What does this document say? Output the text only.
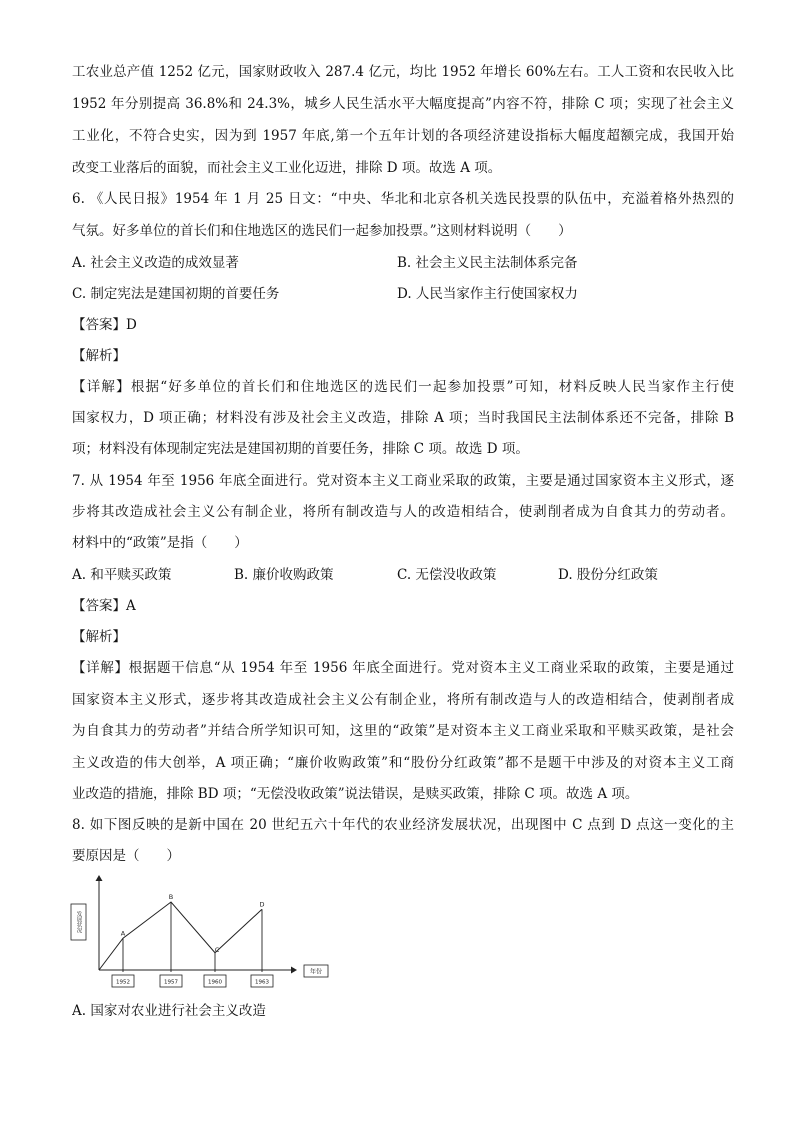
工农业总产值 1252 亿元，国家财政收入 287.4 亿元，均比 1952 年增长 60%左右。工人工资和农民收入比
1952 年分别提高 36.8%和 24.3%，城乡人民生活水平大幅度提高”内容不符，排除 C 项；实现了社会主义
工业化，不符合史实，因为到 1957 年底,第一个五年计划的各项经济建设指标大幅度超额完成，我国开始
改变工业落后的面貌，而社会主义工业化迈进，排除 D 项。故选 A 项。
6. 《人民日报》1954 年 1 月 25 日文：“中央、华北和北京各机关选民投票的队伍中，充溢着格外热烈的
气氛。好多单位的首长们和住地选区的选民们一起参加投票。”这则材料说明（　　）
A. 社会主义改造的成效显著	B. 社会主义民主法制体系完备
C. 制定宪法是建国初期的首要任务	D. 人民当家作主行使国家权力
【答案】D
【解析】
【详解】根据“好多单位的首长们和住地选区的选民们一起参加投票”可知，材料反映人民当家作主行使
国家权力，D 项正确；材料没有涉及社会主义改造，排除 A 项；当时我国民主法制体系还不完备，排除 B
项；材料没有体现制定宪法是建国初期的首要任务，排除 C 项。故选 D 项。
7. 从 1954 年至 1956 年底全面进行。党对资本主义工商业采取的政策，主要是通过国家资本主义形式，逐
步将其改造成社会主义公有制企业，将所有制改造与人的改造相结合，使剥削者成为自食其力的劳动者。
材料中的“政策”是指（　　）
A. 和平赎买政策	B. 廉价收购政策	C. 无偿没收政策	D. 股份分红政策
【答案】A
【解析】
【详解】根据题干信息“从 1954 年至 1956 年底全面进行。党对资本主义工商业采取的政策，主要是通过
国家资本主义形式，逐步将其改造成社会主义公有制企业，将所有制改造与人的改造相结合，使剥削者成
为自食其力的劳动者”并结合所学知识可知，这里的“政策”是对资本主义工商业采取和平赎买政策，是社会
主义改造的伟大创举，A 项正确；“廉价收购政策”和“股份分红政策”都不是题干中涉及的对资本主义工商
业改造的措施，排除 BD 项；“无偿没收政策”说法错误，是赎买政策，排除 C 项。故选 A 项。
8. 如下图反映的是新中国在 20 世纪五六十年代的农业经济发展状况，出现图中 C 点到 D 点这一变化的主
要原因是（　　）
发展状况
年份
A
B
C
D
1952	1957	1960	1963
A. 国家对农业进行社会主义改造
